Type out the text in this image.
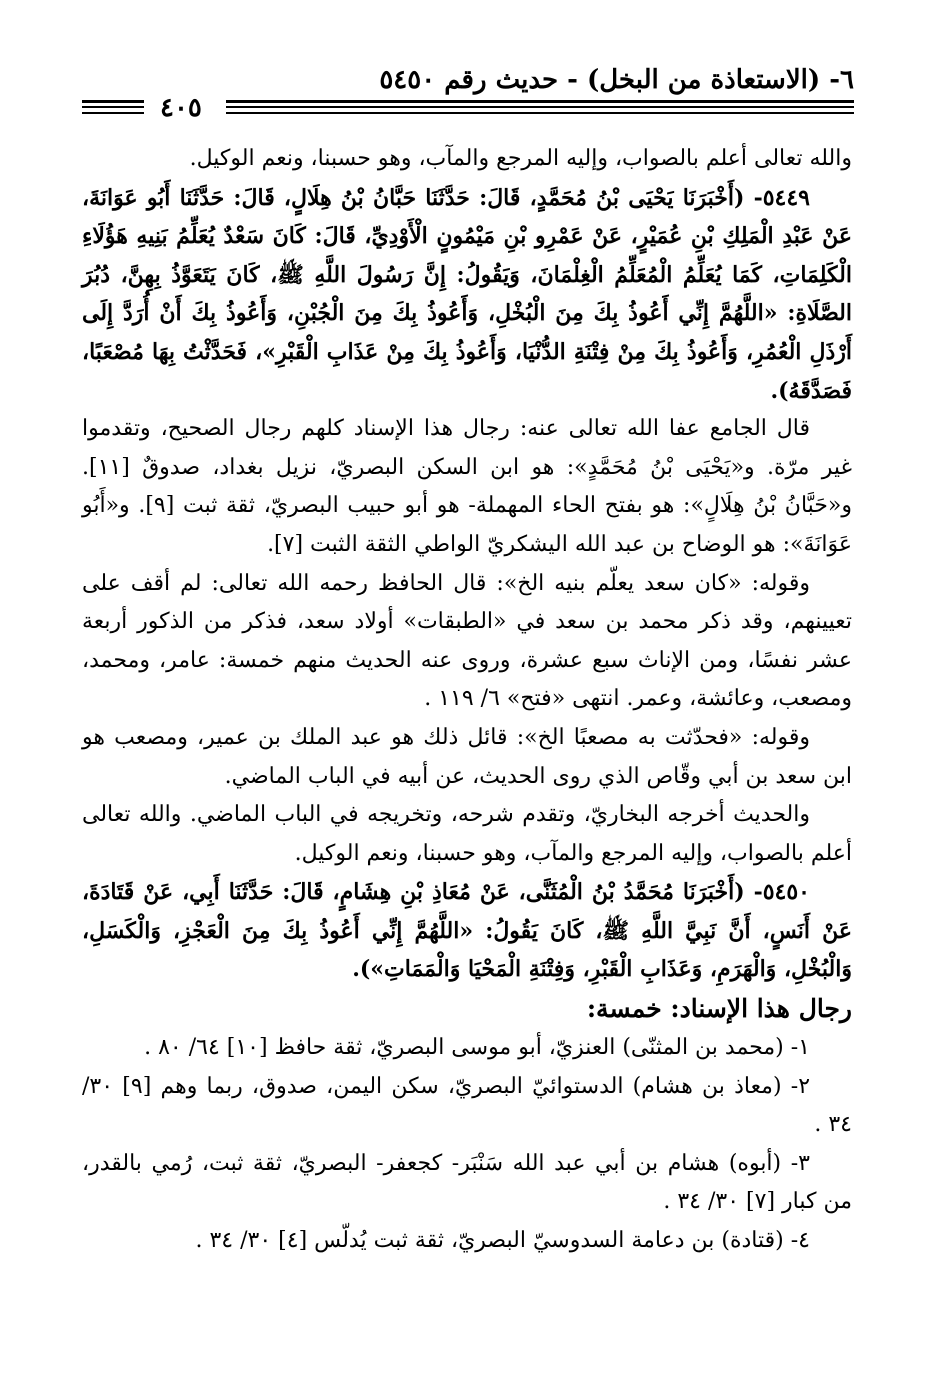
٦- (الاستعاذة من البخل) - حديث رقم ٥٤٥٠
٤٠٥

والله تعالى أعلم بالصواب، وإليه المرجع والمآب، وهو حسبنا، ونعم الوكيل.

٥٤٤٩- (أَخْبَرَنَا يَحْيَى بْنُ مُحَمَّدٍ، قَالَ: حَدَّثَنَا حَبَّانُ بْنُ هِلَالٍ، قَالَ: حَدَّثَنَا أَبُو عَوَانَةَ، عَنْ عَبْدِ الْمَلِكِ بْنِ عُمَيْرٍ، عَنْ عَمْرِو بْنِ مَيْمُونٍ الْأَوْدِيِّ، قَالَ: كَانَ سَعْدٌ يُعَلِّمُ بَنِيهِ هَؤُلَاءِ الْكَلِمَاتِ، كَمَا يُعَلِّمُ الْمُعَلِّمُ الْغِلْمَانَ، وَيَقُولُ: إِنَّ رَسُولَ اللَّهِ ﷺ، كَانَ يَتَعَوَّذُ بِهِنَّ، دُبُرَ الصَّلَاةِ: «اللَّهُمَّ إِنِّي أَعُوذُ بِكَ مِنَ الْبُخْلِ، وَأَعُوذُ بِكَ مِنَ الْجُبْنِ، وَأَعُوذُ بِكَ أَنْ أُرَدَّ إِلَى أَرْذَلِ الْعُمُرِ، وَأَعُوذُ بِكَ مِنْ فِتْنَةِ الدُّنْيَا، وَأَعُوذُ بِكَ مِنْ عَذَابِ الْقَبْرِ»، فَحَدَّثْتُ بِهَا مُصْعَبًا، فَصَدَّقَهُ).

قال الجامع عفا الله تعالى عنه: رجال هذا الإسناد كلهم رجال الصحيح، وتقدموا غير مرّة. و«يَحْيَى بْنُ مُحَمَّدٍ»: هو ابن السكن البصريّ، نزيل بغداد، صدوقٌ [١١]. و«حَبَّانُ بْنُ هِلَالٍ»: هو بفتح الحاء المهملة- هو أبو حبيب البصريّ، ثقة ثبت [٩]. و«أَبُو عَوَانَةَ»: هو الوضاح بن عبد الله اليشكريّ الواطي الثقة الثبت [٧].

وقوله: «كان سعد يعلّم بنيه الخ»: قال الحافظ رحمه الله تعالى: لم أقف على تعيينهم، وقد ذكر محمد بن سعد في «الطبقات» أولاد سعد، فذكر من الذكور أربعة عشر نفسًا، ومن الإناث سبع عشرة، وروى عنه الحديث منهم خمسة: عامر، ومحمد، ومصعب، وعائشة، وعمر. انتهى «فتح» ٦/ ١١٩ .

وقوله: «فحدّثت به مصعبًا الخ»: قائل ذلك هو عبد الملك بن عمير، ومصعب هو ابن سعد بن أبي وقّاص الذي روى الحديث، عن أبيه في الباب الماضي.

والحديث أخرجه البخاريّ، وتقدم شرحه، وتخريجه في الباب الماضي. والله تعالى أعلم بالصواب، وإليه المرجع والمآب، وهو حسبنا، ونعم الوكيل.

٥٤٥٠- (أَخْبَرَنَا مُحَمَّدُ بْنُ الْمُثَنَّى، عَنْ مُعَاذِ بْنِ هِشَامٍ، قَالَ: حَدَّثَنَا أَبِي، عَنْ قَتَادَةَ، عَنْ أَنَسٍ، أَنَّ نَبِيَّ اللَّهِ ﷺ، كَانَ يَقُولُ: «اللَّهُمَّ إِنِّي أَعُوذُ بِكَ مِنَ الْعَجْزِ، وَالْكَسَلِ، وَالْبُخْلِ، وَالْهَرَمِ، وَعَذَابِ الْقَبْرِ، وَفِتْنَةِ الْمَحْيَا وَالْمَمَاتِ»).

رجال هذا الإسناد: خمسة:

١- (محمد بن المثنّى) العنزيّ، أبو موسى البصريّ، ثقة حافظ [١٠] ٦٤/ ٨٠ .

٢- (معاذ بن هشام) الدستوائيّ البصريّ، سكن اليمن، صدوق، ربما وهم [٩] ٣٠/ ٣٤ .

٣- (أبوه) هشام بن أبي عبد الله سَنْبَر- كجعفر- البصريّ، ثقة ثبت، رُمي بالقدر، من كبار [٧] ٣٠/ ٣٤ .

٤- (قتادة) بن دعامة السدوسيّ البصريّ، ثقة ثبت يُدلّس [٤] ٣٠/ ٣٤ .
